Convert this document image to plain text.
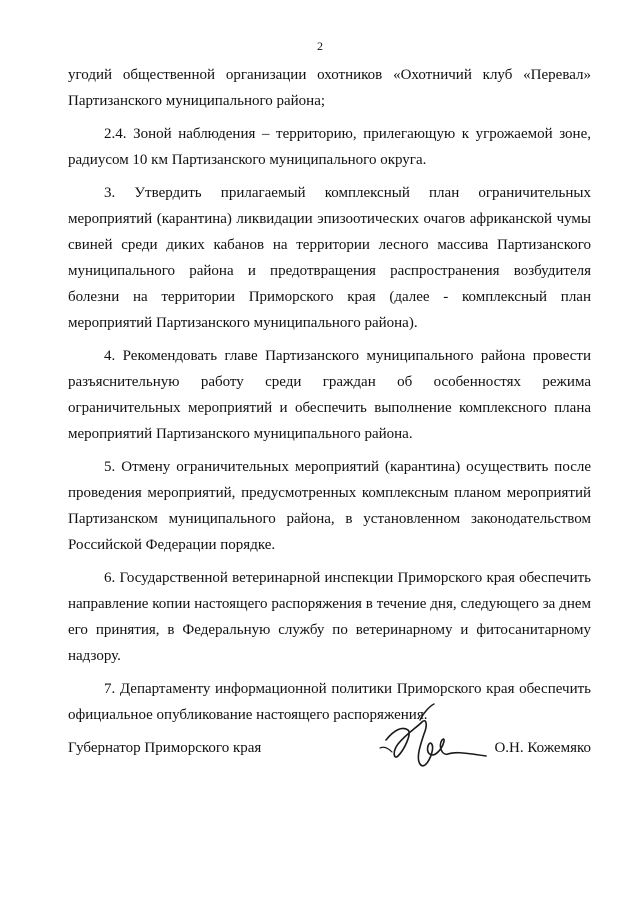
2

угодий общественной организации охотников «Охотничий клуб «Перевал» Партизанского муниципального района;

2.4. Зоной наблюдения – территорию, прилегающую к угрожаемой зоне, радиусом 10 км Партизанского муниципального округа.

3. Утвердить прилагаемый комплексный план ограничительных мероприятий (карантина) ликвидации эпизоотических очагов африканской чумы свиней среди диких кабанов на территории лесного массива Партизанского муниципального района и предотвращения распространения возбудителя болезни на территории Приморского края (далее - комплексный план мероприятий Партизанского муниципального района).

4. Рекомендовать главе Партизанского муниципального района провести разъяснительную работу среди граждан об особенностях режима ограничительных мероприятий и обеспечить выполнение комплексного плана мероприятий Партизанского муниципального района.

5. Отмену ограничительных мероприятий (карантина) осуществить после проведения мероприятий, предусмотренных комплексным планом мероприятий Партизанском муниципального района, в установленном законодательством Российской Федерации порядке.

6. Государственной ветеринарной инспекции Приморского края обеспечить направление копии настоящего распоряжения в течение дня, следующего за днем его принятия, в Федеральную службу по ветеринарному и фитосанитарному надзору.

7. Департаменту информационной политики Приморского края обеспечить официальное опубликование настоящего распоряжения.

Губернатор Приморского края	О.Н. Кожемяко
